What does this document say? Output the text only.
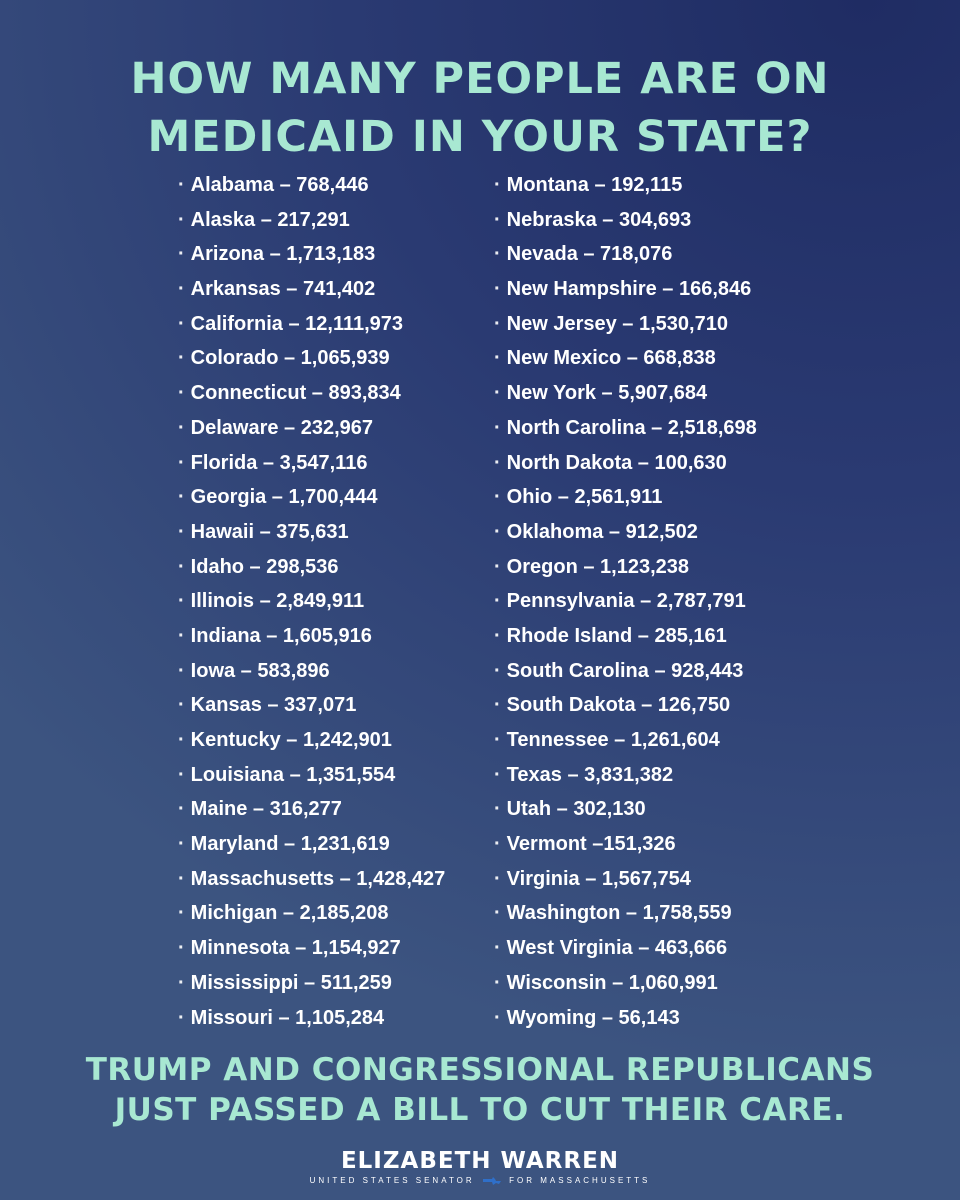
HOW MANY PEOPLE ARE ON
MEDICAID IN YOUR STATE?
· Alabama – 768,446
· Alaska – 217,291
· Arizona – 1,713,183
· Arkansas – 741,402
· California – 12,111,973
· Colorado – 1,065,939
· Connecticut – 893,834
· Delaware – 232,967
· Florida – 3,547,116
· Georgia – 1,700,444
· Hawaii – 375,631
· Idaho – 298,536
· Illinois – 2,849,911
· Indiana – 1,605,916
· Iowa – 583,896
· Kansas – 337,071
· Kentucky – 1,242,901
· Louisiana – 1,351,554
· Maine – 316,277
· Maryland – 1,231,619
· Massachusetts – 1,428,427
· Michigan – 2,185,208
· Minnesota – 1,154,927
· Mississippi – 511,259
· Missouri – 1,105,284
· Montana – 192,115
· Nebraska – 304,693
· Nevada – 718,076
· New Hampshire – 166,846
· New Jersey – 1,530,710
· New Mexico – 668,838
· New York – 5,907,684
· North Carolina – 2,518,698
· North Dakota – 100,630
· Ohio – 2,561,911
· Oklahoma – 912,502
· Oregon – 1,123,238
· Pennsylvania – 2,787,791
· Rhode Island – 285,161
· South Carolina – 928,443
· South Dakota – 126,750
· Tennessee – 1,261,604
· Texas – 3,831,382
· Utah – 302,130
· Vermont –151,326
· Virginia – 1,567,754
· Washington – 1,758,559
· West Virginia – 463,666
· Wisconsin – 1,060,991
· Wyoming – 56,143
TRUMP AND CONGRESSIONAL REPUBLICANS
JUST PASSED A BILL TO CUT THEIR CARE.
ELIZABETH WARREN
UNITED STATES SENATOR	FOR MASSACHUSETTS
